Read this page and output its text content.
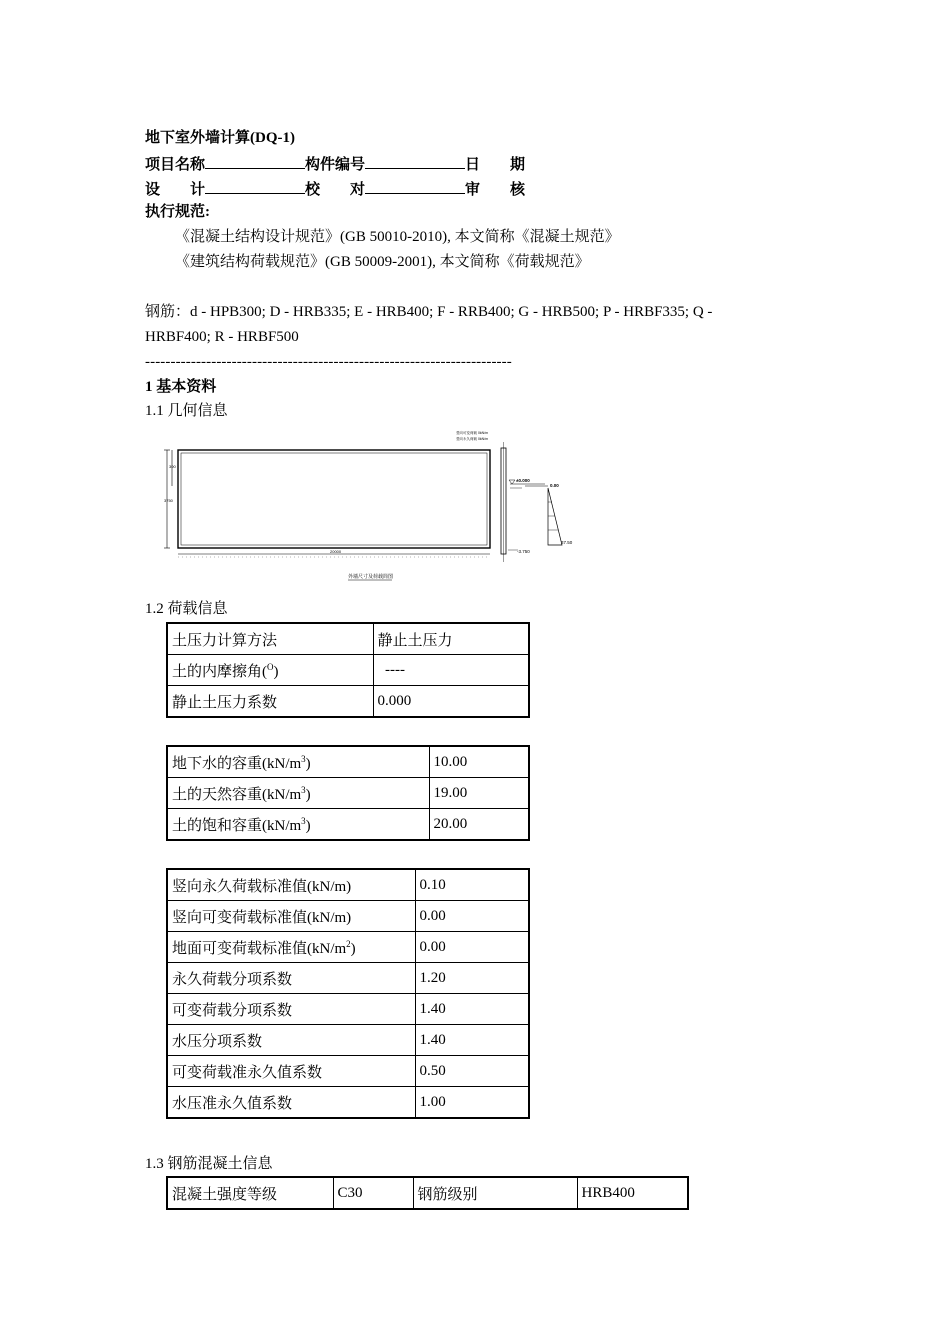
地下室外墙计算(DQ-1)
项目名称	构件编号	日　　期
设　　计	校　　对	审　　核
执行规范:
《混凝土结构设计规范》(GB 50010-2010), 本文简称《混凝土规范》
《建筑结构荷载规范》(GB 50009-2001), 本文简称《荷载规范》
钢筋：d - HPB300; D - HRB335; E - HRB400; F - RRB400; G - HRB500; P - HRBF335; Q -
HRBF400; R - HRBF500
------------------------------------------------------------------------
1 基本资料
1.1 几何信息
3750
300
20000
竖向可变荷载 0kN/m
竖向永久荷载 0kN/m
±0.000
-3.750
0.00
37.50
外墙尺寸及荷载简图
1.2 荷载信息
土压力计算方法	静止土压力
土的内摩擦角($^O$)	----
静止土压力系数	0.000
地下水的容重$(kN/m^3)$	10.00
土的天然容重$(kN/m^3)$	19.00
土的饱和容重$(kN/m^3)$	20.00
竖向永久荷载标准值(kN/m)	0.10
竖向可变荷载标准值(kN/m)	0.00
地面可变荷载标准值$(kN/m^2)$	0.00
永久荷载分项系数	1.20
可变荷载分项系数	1.40
水压分项系数	1.40
可变荷载准永久值系数	0.50
水压准永久值系数	1.00
1.3 钢筋混凝土信息
混凝土强度等级	C30	钢筋级别	HRB400
